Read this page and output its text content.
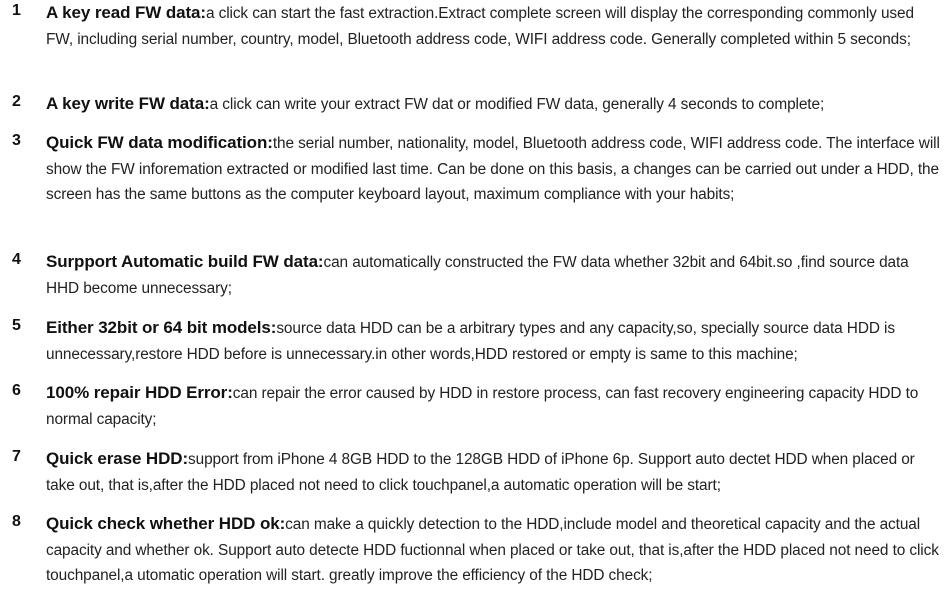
1 A key read FW data:a click can start the fast extraction.Extract complete screen will display the corresponding commonly used FW, including serial number, country, model, Bluetooth address code, WIFI address code. Generally completed within 5 seconds;
2 A key write FW data:a click can write your extract FW dat or modified FW data, generally 4 seconds to complete;
3 Quick FW data modification:the serial number, nationality, model, Bluetooth address code, WIFI address code. The interface will show the FW inforemation extracted or modified last time. Can be done on this basis, a changes can be carried out under a HDD, the screen has the same buttons as the computer keyboard layout, maximum compliance with your habits;
4 Surpport Automatic build FW data:can automatically constructed the FW data whether 32bit and 64bit.so ,find source data HHD become unnecessary;
5 Either 32bit or 64 bit models:source data HDD can be a arbitrary types and any capacity,so, specially source data HDD is unnecessary,restore HDD before is unnecessary.in other words,HDD restored or empty is same to this machine;
6 100% repair HDD Error:can repair the error caused by HDD in restore process, can fast recovery engineering capacity HDD to normal capacity;
7 Quick erase HDD:support from iPhone 4 8GB HDD to the 128GB HDD of iPhone 6p. Support auto dectet HDD when placed or take out, that is,after the HDD placed not need to click touchpanel,a automatic operation will be start;
8 Quick check whether HDD ok:can make a quickly detection to the HDD,include model and theoretical capacity and the actual capacity and whether ok. Support auto detecte HDD fuctionnal when placed or take out, that is,after the HDD placed not need to click touchpanel,a utomatic operation will start. greatly improve the efficiency of the HDD check;
